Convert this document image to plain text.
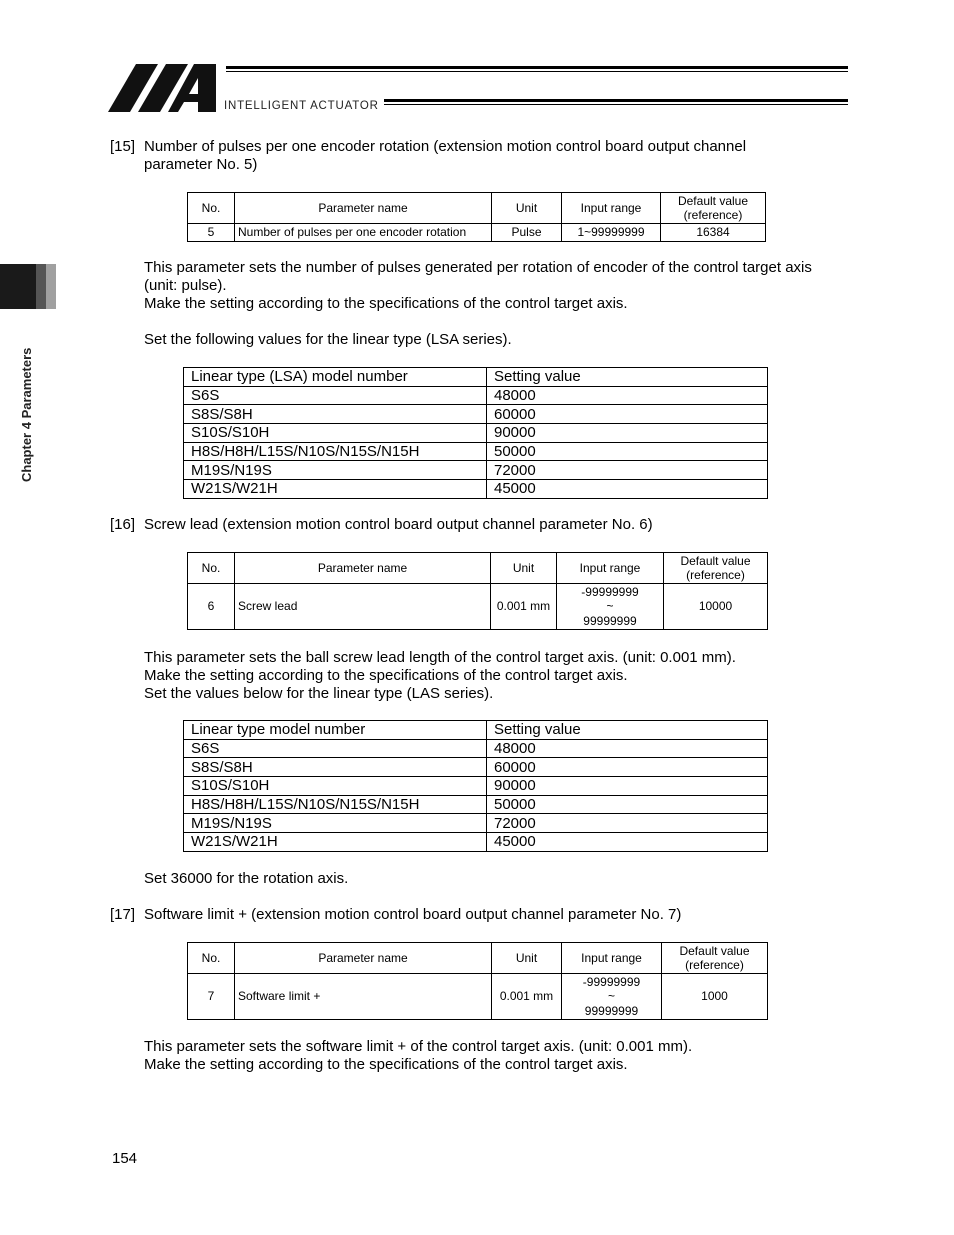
INTELLIGENT ACTUATOR
Chapter 4 Parameters
[15] Number of pulses per one encoder rotation (extension motion control board output channel

parameter No. 5)

No.	Parameter name	Unit	Input range	Default value
(reference)

5	Number of pulses per one encoder rotation	Pulse	1~99999999	16384

This parameter sets the number of pulses generated per rotation of encoder of the control target axis

(unit: pulse).

Make the setting according to the specifications of the control target axis.

Set the following values for the linear type (LSA series).
Linear type (LSA) model number	Setting value
S6S	48000
S8S/S8H	60000
S10S/S10H	90000
H8S/H8H/L15S/N10S/N15S/N15H	50000
M19S/N19S	72000
W21S/W21H	45000
[16] Screw lead (extension motion control board output channel parameter No. 6)
No.	Parameter name	Unit	Input range	Default value
(reference)

6	Screw lead	0.001 mm	-99999999
~
99999999	10000

This parameter sets the ball screw lead length of the control target axis. (unit: 0.001 mm).

Make the setting according to the specifications of the control target axis.

Set the values below for the linear type (LAS series).

Linear type model number	Setting value
S6S	48000
S8S/S8H	60000
S10S/S10H	90000
H8S/H8H/L15S/N10S/N15S/N15H	50000
M19S/N19S	72000
W21S/W21H	45000
Set 36000 for the rotation axis.
[17] Software limit + (extension motion control board output channel parameter No. 7)
No.	Parameter name	Unit	Input range	Default value
(reference)

7	Software limit +	0.001 mm	-99999999
~
99999999	1000

This parameter sets the software limit + of the control target axis. (unit: 0.001 mm).

Make the setting according to the specifications of the control target axis.

154
